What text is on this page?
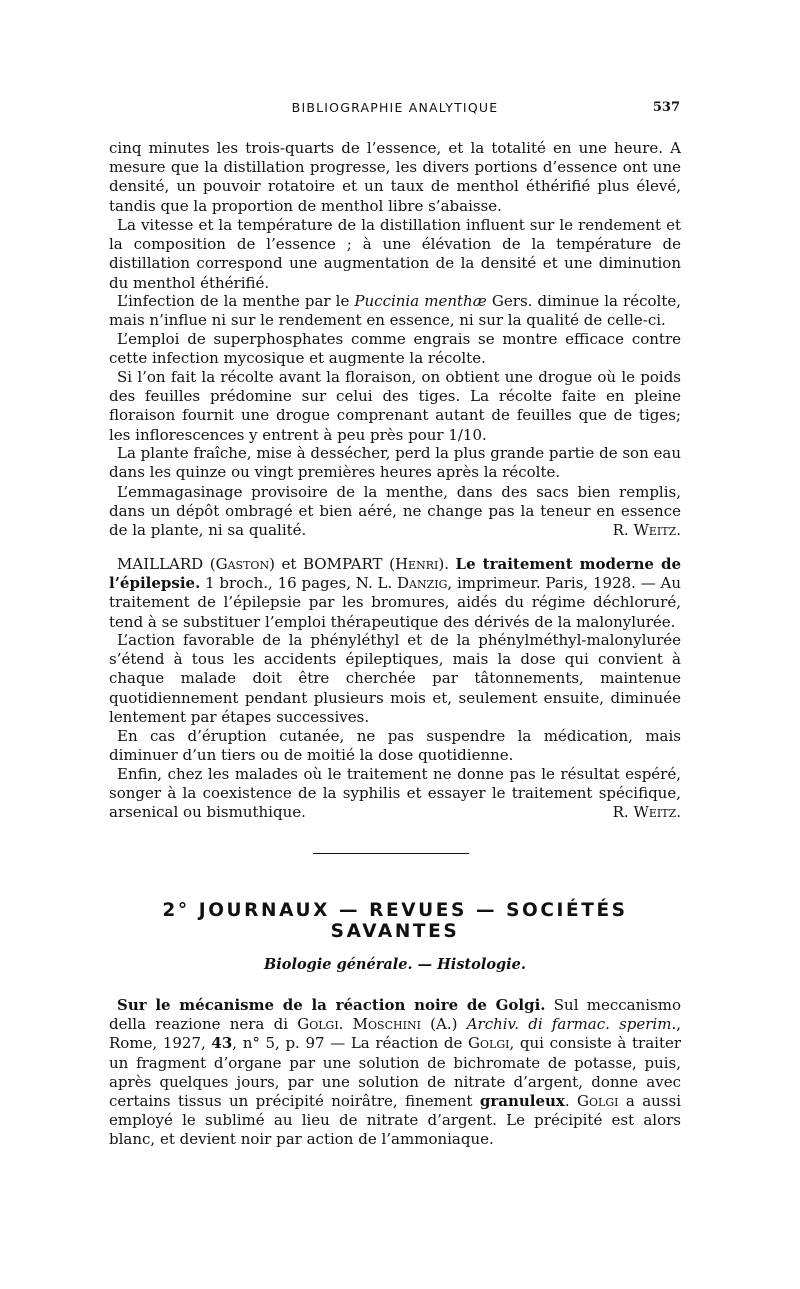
BIBLIOGRAPHIE ANALYTIQUE	537

cinq minutes les trois-quarts de l’essence, et la totalité en une heure. A mesure que la distillation progresse, les divers portions d’essence ont une densité, un pouvoir rotatoire et un taux de menthol éthérifié plus élevé, tandis que la proportion de menthol libre s’abaisse.

La vitesse et la température de la distillation influent sur le rendement et la composition de l’essence ; à une élévation de la température de distillation correspond une augmentation de la densité et une diminution du menthol éthérifié.

L’infection de la menthe par le Puccinia menthæ Gers. diminue la récolte, mais n’influe ni sur le rendement en essence, ni sur la qualité de celle-ci.

L’emploi de superphosphates comme engrais se montre efficace contre cette infection mycosique et augmente la récolte.

Si l’on fait la récolte avant la floraison, on obtient une drogue où le poids des feuilles prédomine sur celui des tiges. La récolte faite en pleine floraison fournit une drogue comprenant autant de feuilles que de tiges; les inflorescences y entrent à peu près pour 1/10.

La plante fraîche, mise à dessécher, perd la plus grande partie de son eau dans les quinze ou vingt premières heures après la récolte.

L’emmagasinage provisoire de la menthe, dans des sacs bien remplis, dans un dépôt ombragé et bien aéré, ne change pas la teneur en essence de la plante, ni sa qualité.	R. Weitz.

MAILLARD (Gaston) et BOMPART (Henri). Le traitement moderne de l’épilepsie. 1 broch., 16 pages, N. L. Danzig, imprimeur. Paris, 1928. — Au traitement de l’épilepsie par les bromures, aidés du régime déchloruré, tend à se substituer l’emploi thérapeutique des dérivés de la malonylurée.

L’action favorable de la phényléthyl et de la phénylméthyl-malonylurée s’étend à tous les accidents épileptiques, mais la dose qui convient à chaque malade doit être cherchée par tâtonnements, maintenue quotidiennement pendant plusieurs mois et, seulement ensuite, diminuée lentement par étapes successives.

En cas d’éruption cutanée, ne pas suspendre la médication, mais diminuer d’un tiers ou de moitié la dose quotidienne.

Enfin, chez les malades où le traitement ne donne pas le résultat espéré, songer à la coexistence de la syphilis et essayer le traitement spécifique, arsenical ou bismuthique.	R. Weitz.

2° JOURNAUX — REVUES — SOCIÉTÉS SAVANTES
Biologie générale. — Histologie.

Sur le mécanisme de la réaction noire de Golgi. Sul meccanismo della reazione nera di Golgi. Moschini (A.) Archiv. di farmac. sperim., Rome, 1927, 43, n° 5, p. 97 — La réaction de Golgi, qui consiste à traiter un fragment d’organe par une solution de bichromate de potasse, puis, après quelques jours, par une solution de nitrate d’argent, donne avec certains tissus un précipité noirâtre, finement granuleux. Golgi a aussi employé le sublimé au lieu de nitrate d’argent. Le précipité est alors blanc, et devient noir par action de l’ammoniaque.
